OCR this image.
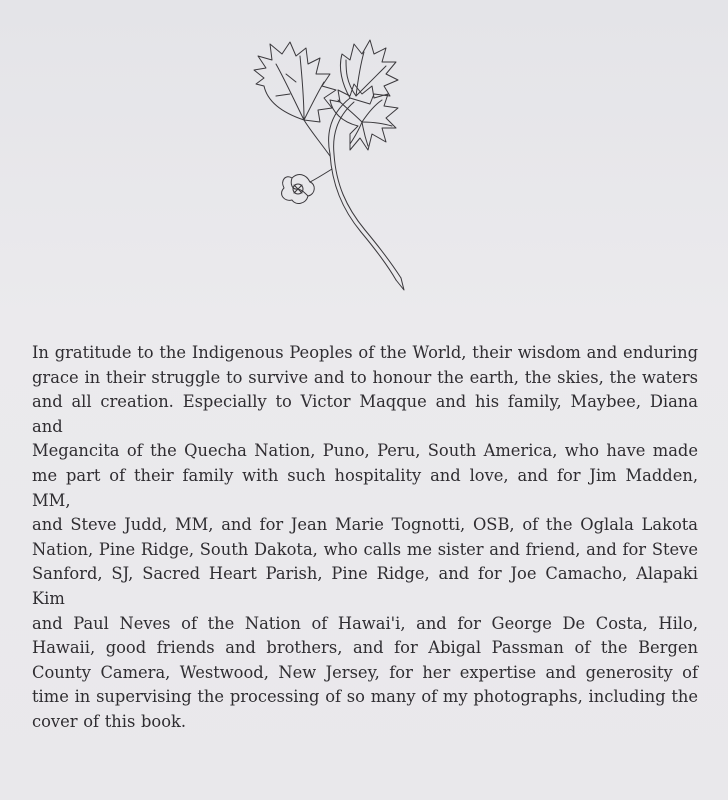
In gratitude to the Indigenous Peoples of the World, their wisdom and enduring
grace in their struggle to survive and to honour the earth, the skies, the waters
and all creation. Especially to Victor Maqque and his family, Maybee, Diana and
Megancita of the Quecha Nation, Puno, Peru, South America, who have made
me part of their family with such hospitality and love, and for Jim Madden, MM,
and Steve Judd, MM, and for Jean Marie Tognotti, OSB, of the Oglala Lakota
Nation, Pine Ridge, South Dakota, who calls me sister and friend, and for Steve
Sanford, SJ, Sacred Heart Parish, Pine Ridge, and for Joe Camacho, Alapaki Kim
and Paul Neves of the Nation of Hawai'i, and for George De Costa, Hilo,
Hawaii, good friends and brothers, and for Abigal Passman of the Bergen
County Camera, Westwood, New Jersey, for her expertise and generosity of
time in supervising the processing of so many of my photographs, including the
cover of this book.
